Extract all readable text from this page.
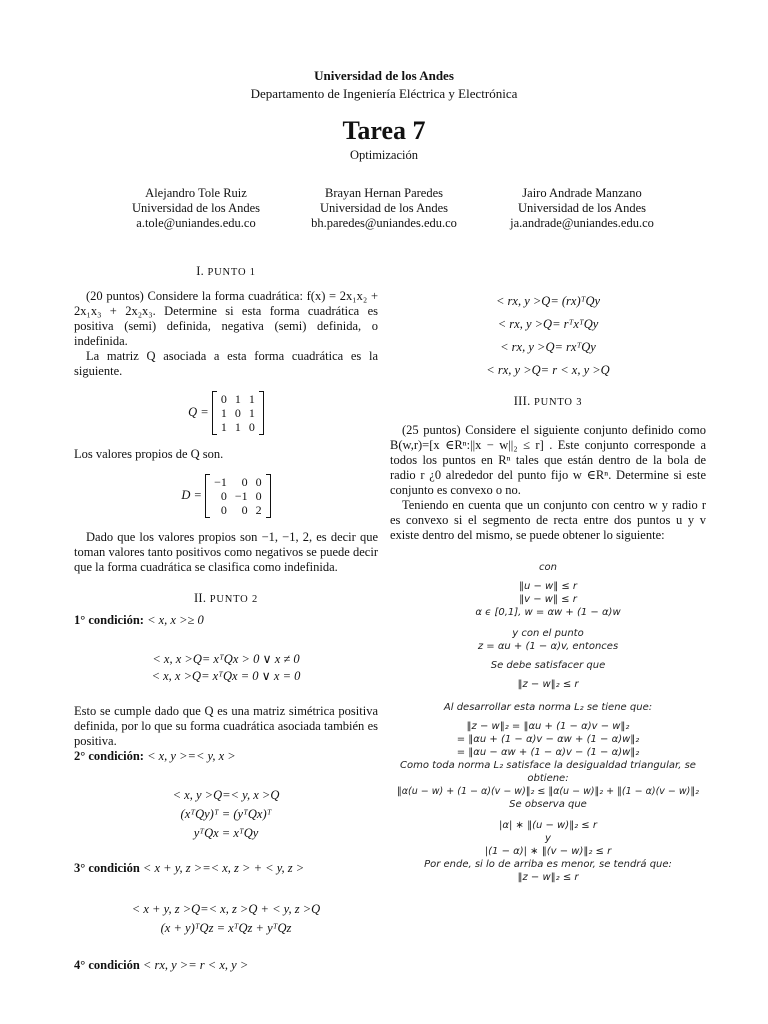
Universidad de los Andes
Departamento de Ingeniería Eléctrica y Electrónica
Tarea 7
Optimización
Alejandro Tole Ruiz
Universidad de los Andes
a.tole@uniandes.edu.co
Brayan Hernan Paredes
Universidad de los Andes
bh.paredes@uniandes.edu.co
Jairo Andrade Manzano
Universidad de los Andes
ja.andrade@uniandes.edu.co
I. PUNTO 1

(20 puntos) Considere la forma cuadrática: f(x) = 2x₁x₂ + 2x₁x₃ + 2x₂x₃. Determine si esta forma cuadrática es positiva (semi) definida, negativa (semi) definida, o indefinida.

La matriz Q asociada a esta forma cuadrática es la siguiente.

Q =
0	1	1
1	0	1
1	1	0

Los valores propios de Q son.

D =
−1	0	0
0	−1	0
0	0	2

Dado que los valores propios son −1, −1, 2, es decir que toman valores tanto positivos como negativos se puede decir que la forma cuadrática se clasifica como indefinida.

II. PUNTO 2

1° condición: < x, x >≥ 0

< x, x >Q= xᵀQx > 0 ∨ x ≠ 0
< x, x >Q= xᵀQx = 0 ∨ x = 0

Esto se cumple dado que Q es una matriz simétrica positiva definida, por lo que su forma cuadrática asociada también es positiva.

2° condición: < x, y >=< y, x >

< x, y >Q=< y, x >Q
(xᵀQy)ᵀ = (yᵀQx)ᵀ
yᵀQx = xᵀQy

3° condición < x + y, z >=< x, z > + < y, z >

< x + y, z >Q=< x, z >Q + < y, z >Q
(x + y)ᵀQz = xᵀQz + yᵀQz

4° condición < rx, y >= r < x, y >

< rx, y >Q= (rx)ᵀQy
< rx, y >Q= rᵀxᵀQy
< rx, y >Q= rxᵀQy
< rx, y >Q= r < x, y >Q
III. PUNTO 3

(25 puntos) Considere el siguiente conjunto definido como B(w,r)=[x ∈Rⁿ:||x − w||₂ ≤ r] . Este conjunto corresponde a todos los puntos en Rⁿ tales que están dentro de la bola de radio r ¿0 alrededor del punto fijo w ∈Rⁿ. Determine si este conjunto es convexo o no.

Teniendo en cuenta que un conjunto con centro w y radio r es convexo si el segmento de recta entre dos puntos u y v existe dentro del mismo, se puede obtener lo siguiente:

con
‖u − w‖ ≤ r
‖v − w‖ ≤ r
α ϵ [0,1], w = αw + (1 − α)w
y con el punto
z = αu + (1 − α)v, entonces
Se debe satisfacer que
‖z − w‖₂ ≤ r
Al desarrollar esta norma L₂ se tiene que:
‖z − w‖₂ = ‖αu + (1 − α)v − w‖₂
= ‖αu + (1 − α)v − αw + (1 − α)w‖₂
= ‖αu − αw + (1 − α)v − (1 − α)w‖₂
Como toda norma L₂ satisface la desigualdad triangular, se obtiene:
‖α(u − w) + (1 − α)(v − w)‖₂ ≤ ‖α(u − w)‖₂ + ‖(1 − α)(v − w)‖₂
Se observa que
|α| ∗ ‖(u − w)‖₂ ≤ r
y
|(1 − α)| ∗ ‖(v − w)‖₂ ≤ r
Por ende, si lo de arriba es menor, se tendrá que:
‖z − w‖₂ ≤ r
